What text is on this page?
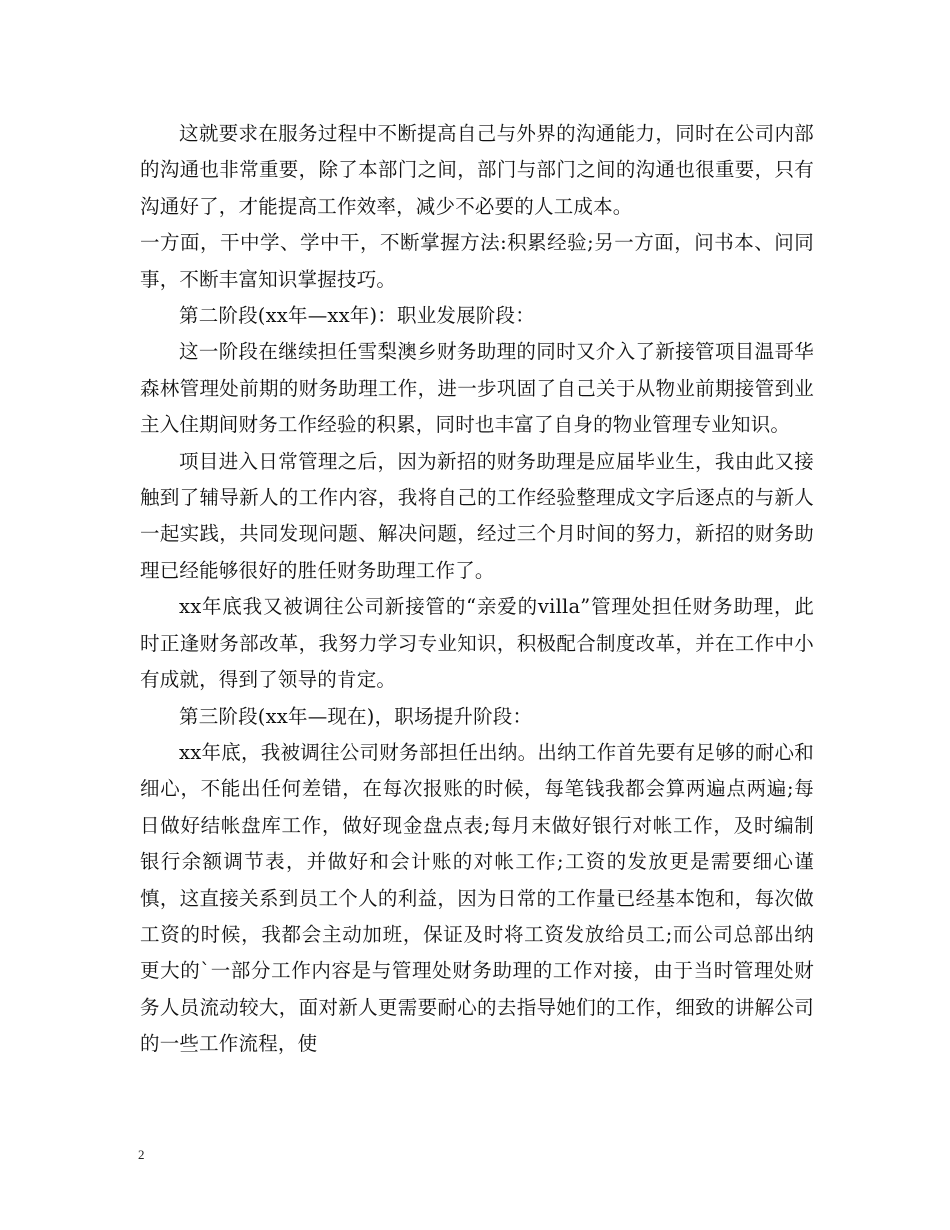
这就要求在服务过程中不断提高自己与外界的沟通能力，同时在公司内部的沟通也非常重要，除了本部门之间，部门与部门之间的沟通也很重要，只有沟通好了，才能提高工作效率，减少不必要的人工成本。

一方面，干中学、学中干，不断掌握方法:积累经验;另一方面，问书本、问同事，不断丰富知识掌握技巧。

第二阶段(xx年—xx年)：职业发展阶段：

这一阶段在继续担任雪梨澳乡财务助理的同时又介入了新接管项目温哥华森林管理处前期的财务助理工作，进一步巩固了自己关于从物业前期接管到业主入住期间财务工作经验的积累，同时也丰富了自身的物业管理专业知识。

项目进入日常管理之后，因为新招的财务助理是应届毕业生，我由此又接触到了辅导新人的工作内容，我将自己的工作经验整理成文字后逐点的与新人一起实践，共同发现问题、解决问题，经过三个月时间的努力，新招的财务助理已经能够很好的胜任财务助理工作了。

xx年底我又被调往公司新接管的“亲爱的villa”管理处担任财务助理，此时正逢财务部改革，我努力学习专业知识，积极配合制度改革，并在工作中小有成就，得到了领导的肯定。

第三阶段(xx年—现在)，职场提升阶段：

xx年底，我被调往公司财务部担任出纳。出纳工作首先要有足够的耐心和细心，不能出任何差错，在每次报账的时候，每笔钱我都会算两遍点两遍;每日做好结帐盘库工作，做好现金盘点表;每月末做好银行对帐工作，及时编制银行余额调节表，并做好和会计账的对帐工作;工资的发放更是需要细心谨慎，这直接关系到员工个人的利益，因为日常的工作量已经基本饱和，每次做工资的时候，我都会主动加班，保证及时将工资发放给员工;而公司总部出纳更大的`一部分工作内容是与管理处财务助理的工作对接，由于当时管理处财务人员流动较大，面对新人更需要耐心的去指导她们的工作，细致的讲解公司的一些工作流程，使

2
